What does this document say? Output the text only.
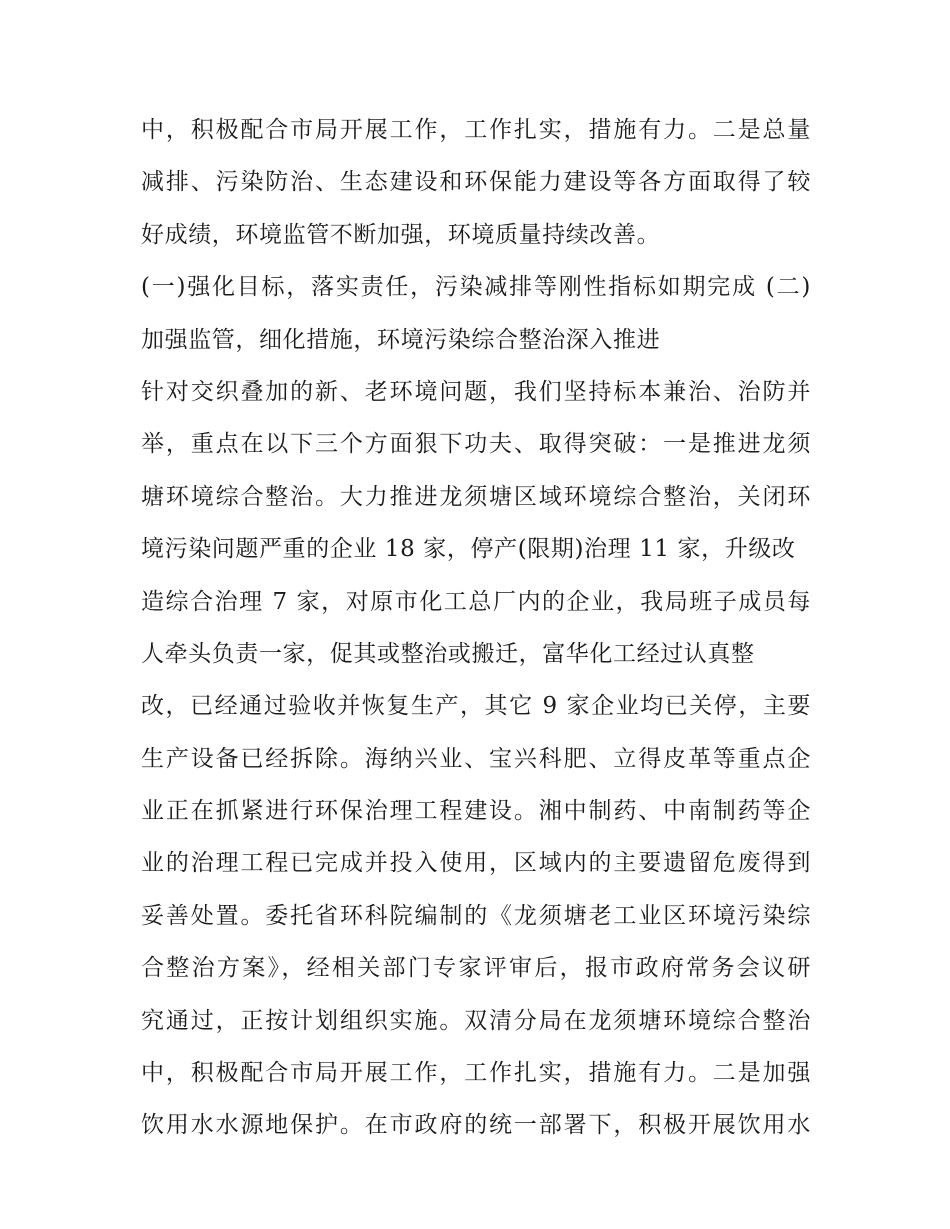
中，积极配合市局开展工作，工作扎实，措施有力。二是总量
减排、污染防治、生态建设和环保能力建设等各方面取得了较
好成绩，环境监管不断加强，环境质量持续改善。
(一)强化目标，落实责任，污染减排等刚性指标如期完成 (二)
加强监管，细化措施，环境污染综合整治深入推进
针对交织叠加的新、老环境问题，我们坚持标本兼治、治防并
举，重点在以下三个方面狠下功夫、取得突破：一是推进龙须
塘环境综合整治。大力推进龙须塘区域环境综合整治，关闭环
境污染问题严重的企业 18 家，停产(限期)治理 11 家，升级改
造综合治理 7 家，对原市化工总厂内的企业，我局班子成员每
人牵头负责一家，促其或整治或搬迁，富华化工经过认真整
改，已经通过验收并恢复生产，其它 9 家企业均已关停，主要
生产设备已经拆除。海纳兴业、宝兴科肥、立得皮革等重点企
业正在抓紧进行环保治理工程建设。湘中制药、中南制药等企
业的治理工程已完成并投入使用，区域内的主要遗留危废得到
妥善处置。委托省环科院编制的《龙须塘老工业区环境污染综
合整治方案》，经相关部门专家评审后，报市政府常务会议研
究通过，正按计划组织实施。双清分局在龙须塘环境综合整治
中，积极配合市局开展工作，工作扎实，措施有力。二是加强
饮用水水源地保护。在市政府的统一部署下，积极开展饮用水
